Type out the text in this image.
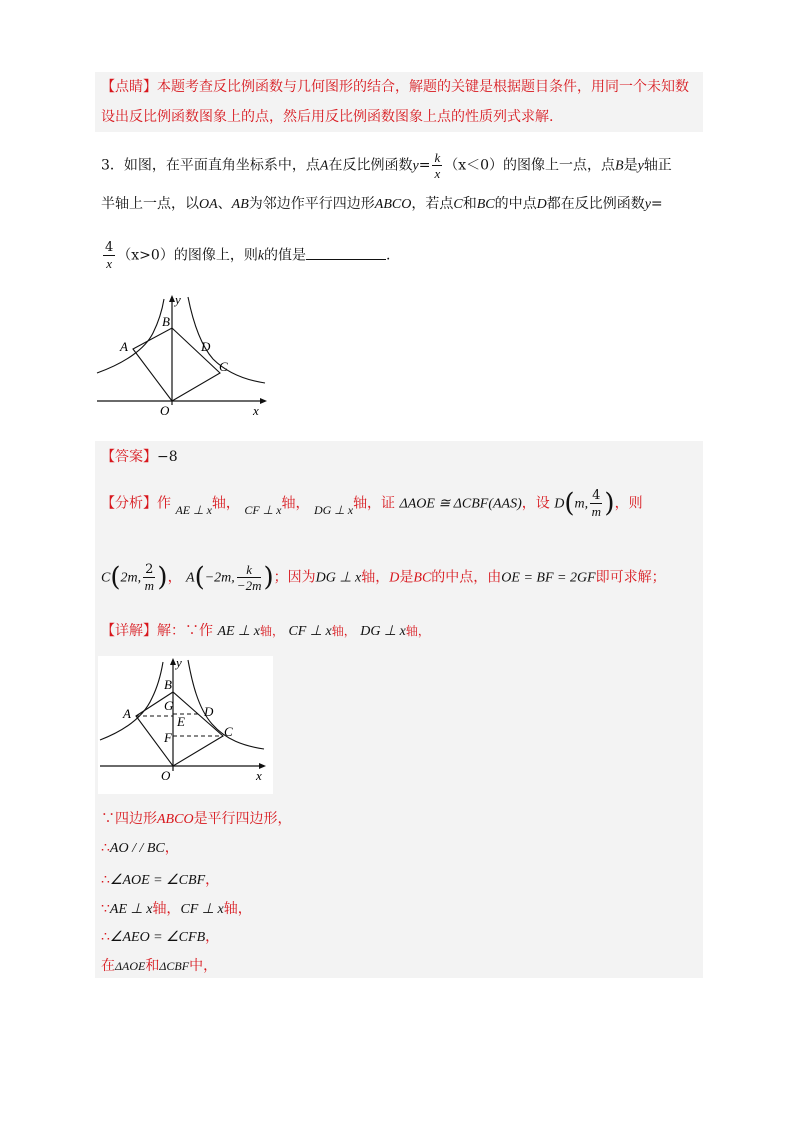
【点睛】本题考查反比例函数与几何图形的结合，解题的关键是根据题目条件，用同一个未知数
设出反比例函数图象上的点，然后用反比例函数图象上点的性质列式求解.
3．如图，在平面直角坐标系中，点A在反比例函数$y= \frac{k}{x} (x<0)$的图像上一点，点B是y轴正
半轴上一点，以OA、AB为邻边作平行四边形ABCO，若点C和BC的中点D都在反比例函数y=
$\frac{4}{x} (x>0)$的图像上，则k的值是	.
y
x
B
A	D
C
O
【答案】−8
【分析】作 AE ⊥ x轴， CF ⊥ x轴， DG ⊥ x轴，证 ΔAOE ≅ ΔCBF(AAS)，设 D(m, $\frac{4}{m}$ )，则
C(2m, $\frac{2}{m}$ )， A(−2m, $\frac{k}{-2m}$ )；因为DG ⊥ x轴，D是BC的中点，由OE = BF = 2GF即可求解；
【详解】解：∵作 AE ⊥ x轴， CF ⊥ x轴， DG ⊥ x轴，
y
x
B
G
A	D
E
C
F
O
∵四边形ABCO是平行四边形，
∴AO / / BC，
∴∠AOE = ∠CBF，
∵AE ⊥ x轴，CF ⊥ x轴，
∴∠AEO = ∠CFB，
在ΔAOE和ΔCBF中，
